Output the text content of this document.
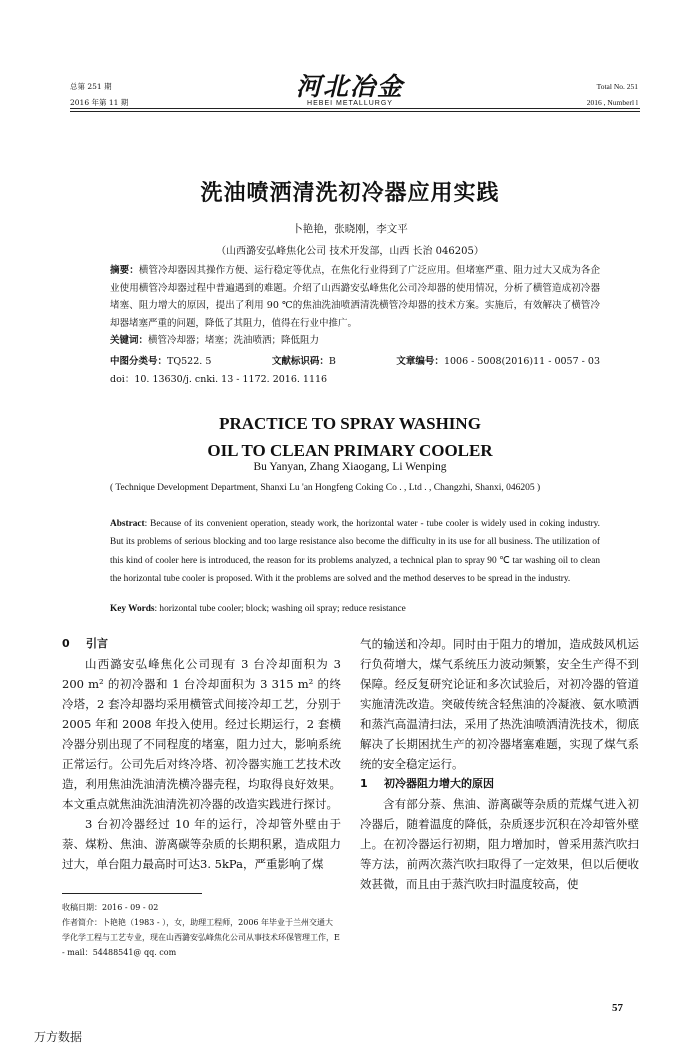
总第 251 期
2016 年第 11 期
河北冶金
HEBEI METALLURGY
Total No. 251
2016 , Numberl l
洗油喷洒清洗初冷器应用实践
卜艳艳，张晓刚，李文平
（山西潞安弘峰焦化公司 技术开发部，山西 长治 046205）
摘要：横管冷却器因其操作方便、运行稳定等优点，在焦化行业得到了广泛应用。但堵塞严重、阻力过大又成为各企业使用横管冷却器过程中普遍遇到的难题。介绍了山西潞安弘峰焦化公司冷却器的使用情况，分析了横管造成初冷器堵塞、阻力增大的原因，提出了利用 90 ℃的焦油洗油喷洒清洗横管冷却器的技术方案。实施后，有效解决了横管冷却器堵塞严重的问题，降低了其阻力，值得在行业中推广。
关键词：横管冷却器；堵塞；洗油喷洒；降低阻力
中图分类号：TQ522. 5	文献标识码：B	文章编号：1006 - 5008(2016)11 - 0057 - 03
doi：10. 13630/j. cnki. 13 - 1172. 2016. 1116
PRACTICE TO SPRAY WASHING
OIL TO CLEAN PRIMARY COOLER
Bu Yanyan, Zhang Xiaogang, Li Wenping
( Technique Development Department, Shanxi Lu 'an Hongfeng Coking Co . , Ltd . , Changzhi, Shanxi, 046205 )
Abstract: Because of its convenient operation, steady work, the horizontal water - tube cooler is widely used in coking industry. But its problems of serious blocking and too large resistance also become the difficulty in its use for all business. The utilization of this kind of cooler here is introduced, the reason for its problems analyzed, a technical plan to spray 90 ℃ tar washing oil to clean the horizontal tube cooler is proposed. With it the problems are solved and the method deserves to be spread in the industry.
Key Words: horizontal tube cooler; block; washing oil spray; reduce resistance
0 引言

山西潞安弘峰焦化公司现有 3 台冷却面积为 3 200 m² 的初冷器和 1 台冷却面积为 3 315 m² 的终冷塔，2 套冷却器均采用横管式间接冷却工艺，分别于 2005 年和 2008 年投入使用。经过长期运行，2 套横冷器分别出现了不同程度的堵塞，阻力过大，影响系统正常运行。公司先后对终冷塔、初冷器实施工艺技术改造，利用焦油洗油清洗横冷器壳程，均取得良好效果。本文重点就焦油洗油清洗初冷器的改造实践进行探讨。

3 台初冷器经过 10 年的运行，冷却管外壁由于萘、煤粉、焦油、游离碳等杂质的长期积累，造成阻力过大，单台阻力最高时可达3. 5kPa，严重影响了煤

气的输送和冷却。同时由于阻力的增加，造成鼓风机运行负荷增大，煤气系统压力波动频繁，安全生产得不到保障。经反复研究论证和多次试验后，对初冷器的管道实施清洗改造。突破传统含轻焦油的冷凝液、氨水喷洒和蒸汽高温清扫法，采用了热洗油喷洒清洗技术，彻底解决了长期困扰生产的初冷器堵塞难题，实现了煤气系统的安全稳定运行。

1 初冷器阻力增大的原因

含有部分萘、焦油、游离碳等杂质的荒煤气进入初冷器后，随着温度的降低，杂质逐步沉积在冷却管外壁上。在初冷器运行初期，阻力增加时，曾采用蒸汽吹扫等方法，前两次蒸汽吹扫取得了一定效果，但以后便收效甚微，而且由于蒸汽吹扫时温度较高，使

收稿日期：2016 - 09 - 02
作者简介：卜艳艳（1983 - ），女，助理工程师，2006 年毕业于兰州交通大学化学工程与工艺专业，现在山西潞安弘峰焦化公司从事技术环保管理工作，E - mail：54488541@ qq. com
57
万方数据
